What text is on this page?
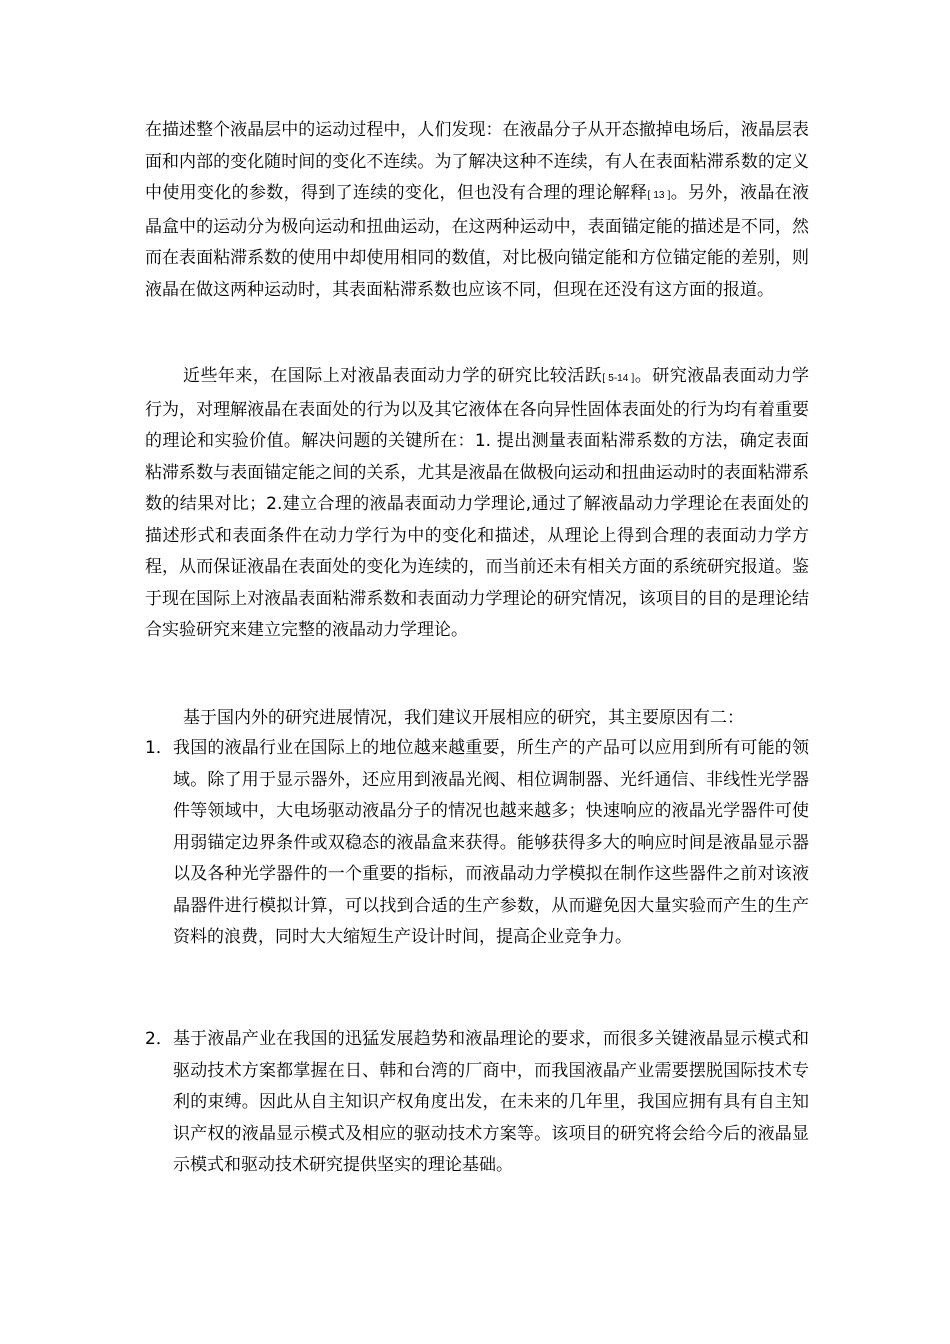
在描述整个液晶层中的运动过程中，人们发现：在液晶分子从开态撤掉电场后，液晶层表面和内部的变化随时间的变化不连续。为了解决这种不连续，有人在表面粘滞系数的定义中使用变化的参数，得到了连续的变化，但也没有合理的理论解释[ 13 ]。另外，液晶在液晶盒中的运动分为极向运动和扭曲运动，在这两种运动中，表面锚定能的描述是不同，然而在表面粘滞系数的使用中却使用相同的数值，对比极向锚定能和方位锚定能的差别，则液晶在做这两种运动时，其表面粘滞系数也应该不同，但现在还没有这方面的报道。

近些年来，在国际上对液晶表面动力学的研究比较活跃[ 5-14 ]。研究液晶表面动力学行为，对理解液晶在表面处的行为以及其它液体在各向异性固体表面处的行为均有着重要的理论和实验价值。解决问题的关键所在：1. 提出测量表面粘滞系数的方法，确定表面粘滞系数与表面锚定能之间的关系，尤其是液晶在做极向运动和扭曲运动时的表面粘滞系数的结果对比；2.建立合理的液晶表面动力学理论,通过了解液晶动力学理论在表面处的描述形式和表面条件在动力学行为中的变化和描述，从理论上得到合理的表面动力学方程，从而保证液晶在表面处的变化为连续的，而当前还未有相关方面的系统研究报道。鉴于现在国际上对液晶表面粘滞系数和表面动力学理论的研究情况，该项目的目的是理论结合实验研究来建立完整的液晶动力学理论。

基于国内外的研究进展情况，我们建议开展相应的研究，其主要原因有二：

1． 我国的液晶行业在国际上的地位越来越重要，所生产的产品可以应用到所有可能的领域。除了用于显示器外，还应用到液晶光阀、相位调制器、光纤通信、非线性光学器件等领域中，大电场驱动液晶分子的情况也越来越多；快速响应的液晶光学器件可使用弱锚定边界条件或双稳态的液晶盒来获得。能够获得多大的响应时间是液晶显示器以及各种光学器件的一个重要的指标，而液晶动力学模拟在制作这些器件之前对该液晶器件进行模拟计算，可以找到合适的生产参数，从而避免因大量实验而产生的生产资料的浪费，同时大大缩短生产设计时间，提高企业竞争力。
2． 基于液晶产业在我国的迅猛发展趋势和液晶理论的要求，而很多关键液晶显示模式和驱动技术方案都掌握在日、韩和台湾的厂商中，而我国液晶产业需要摆脱国际技术专利的束缚。因此从自主知识产权角度出发，在未来的几年里，我国应拥有具有自主知识产权的液晶显示模式及相应的驱动技术方案等。该项目的研究将会给今后的液晶显示模式和驱动技术研究提供坚实的理论基础。
